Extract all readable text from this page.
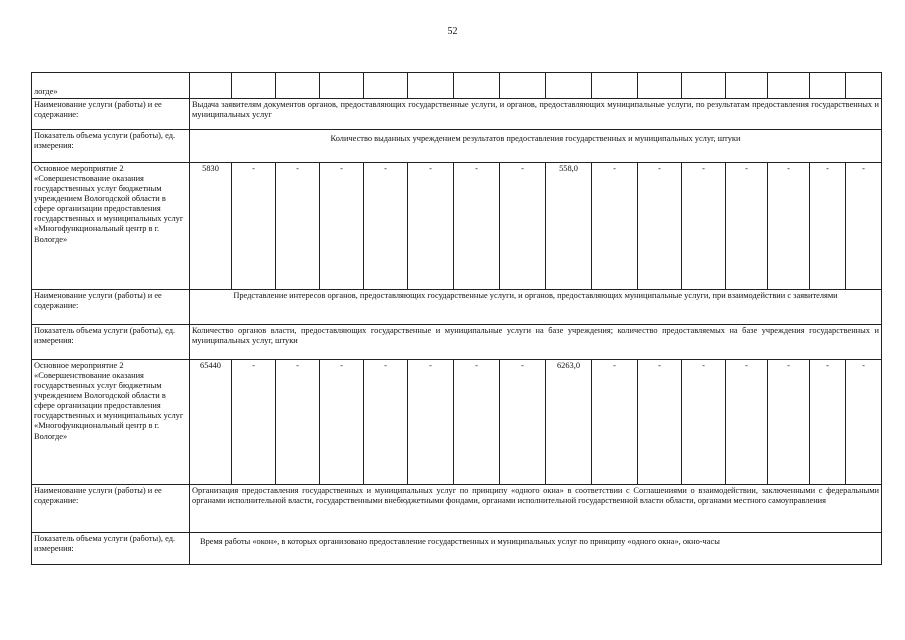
52
логде»																
Наименование услуги (работы) и ее содержание:	Выдача заявителям документов органов, предоставляющих государственные услуги, и органов, предоставляющих муниципальные услуги, по результатам предоставления государственных и муниципальных услуг															
Показатель объема услуги (работы), ед. измерения:	Количество выданных учреждением результатов предоставления государственных и муниципальных услуг, штуки															
Основное мероприятие 2 «Совершенствование оказания государственных услуг бюджетным учреждением Вологодской области в сфере организации предоставления государственных и муниципальных услуг «Многофункциональный центр в г. Вологде»	5830	-	-	-	-	-	-	-	558,0	-	-	-	-	-	-	-
Наименование услуги (работы) и ее содержание:	Представление интересов органов, предоставляющих государственные услуги, и органов, предоставляющих муниципальные услуги, при взаимодействии с заявителями															
Показатель объема услуги (работы), ед. измерения:	Количество органов власти, предоставляющих государственные и муниципальные услуги на базе учреждения; количество предоставляемых на базе учреждения государственных и муниципальных услуг, штуки															
Основное мероприятие 2 «Совершенствование оказания государственных услуг бюджетным учреждением Вологодской области в сфере организации предоставления государственных и муниципальных услуг «Многофункциональный центр в г. Вологде»	65440	-	-	-	-	-	-	-	6263,0	-	-	-	-	-	-	-
Наименование услуги (работы) и ее содержание:	Организация предоставления государственных и муниципальных услуг по принципу «одного окна» в соответствии с Соглашениями о взаимодействии, заключенными с федеральными органами исполнительной власти, государственными внебюджетными фондами, органами исполнительной государственной власти области, органами местного самоуправления															
Показатель объема услуги (работы), ед. измерения:	Время работы «окон», в которых организовано предоставление государственных и муниципальных услуг по принципу «одного окна», окно-часы															
